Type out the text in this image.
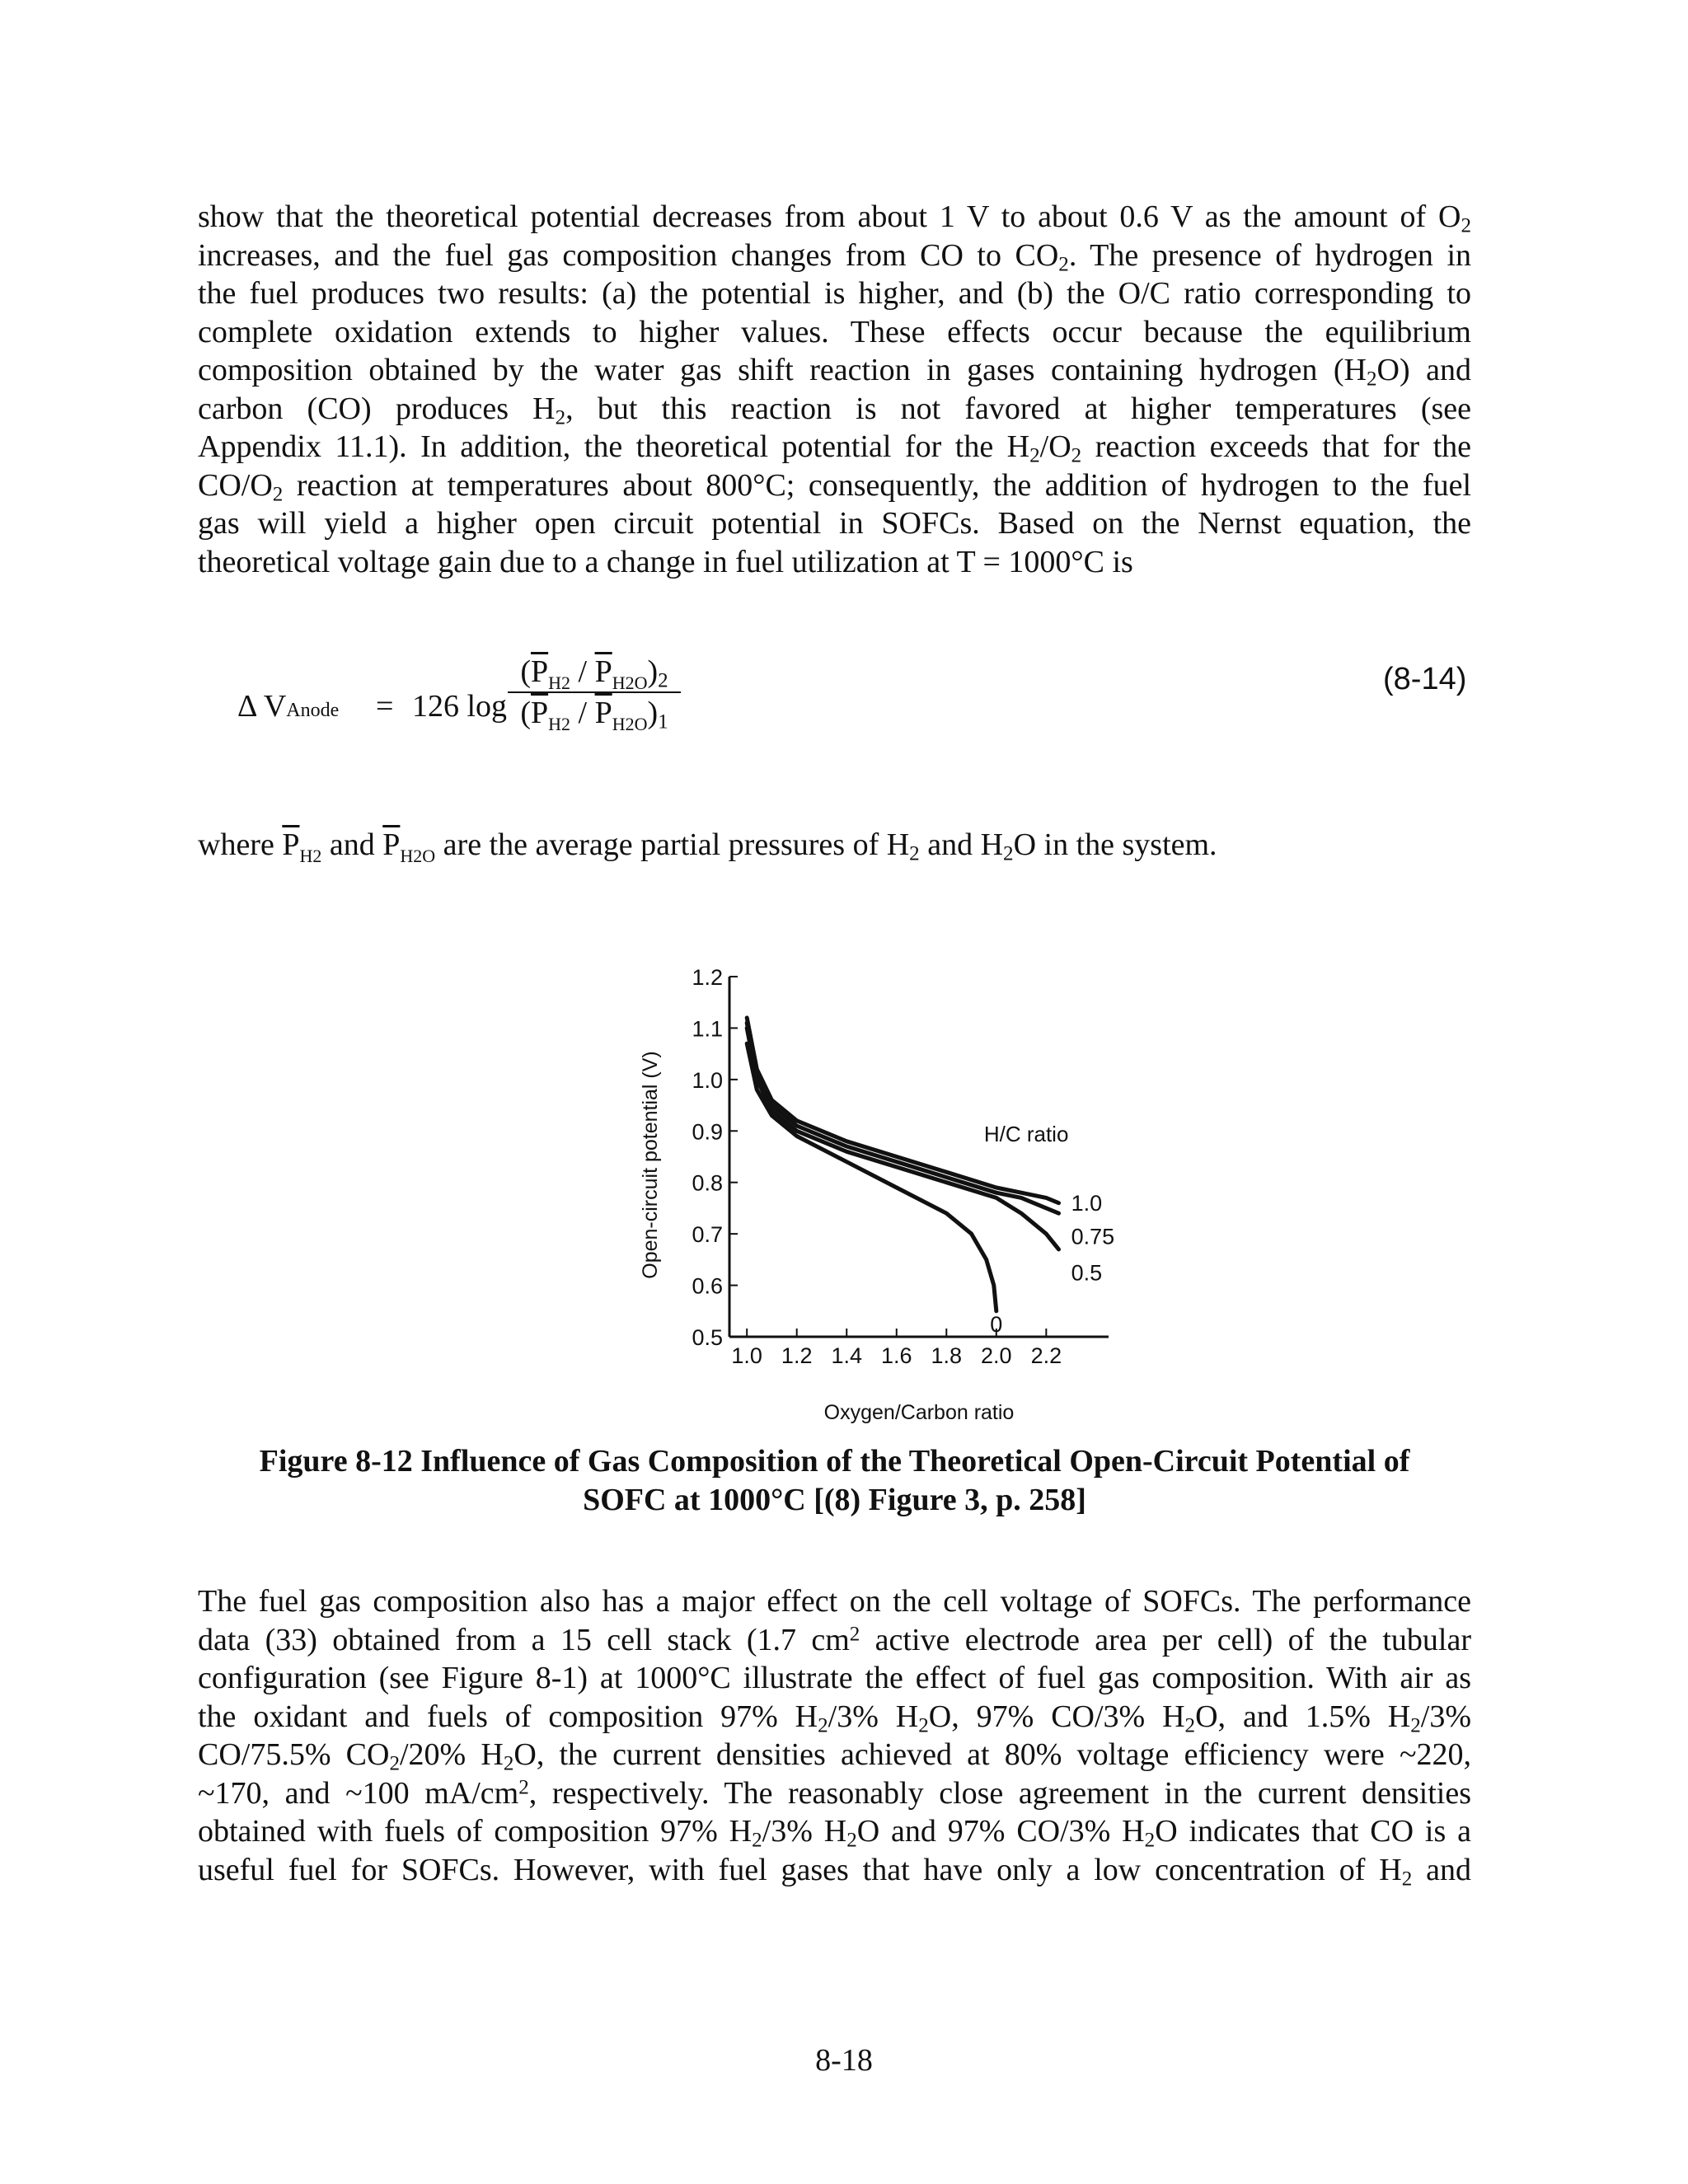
show that the theoretical potential decreases from about 1 V to about 0.6 V as the amount of $O_2$
increases, and the fuel gas composition changes from CO to $CO_2$. The presence of hydrogen in
the fuel produces two results: (a) the potential is higher, and (b) the O/C ratio corresponding to
complete oxidation extends to higher values. These effects occur because the equilibrium
composition obtained by the water gas shift reaction in gases containing hydrogen $(H_2O)$ and
carbon (CO) produces $H_2$, but this reaction is not favored at higher temperatures (see
Appendix 11.1). In addition, the theoretical potential for the $H_2/O_2$ reaction exceeds that for the
$CO/O_2$ reaction at temperatures about 800°C; consequently, the addition of hydrogen to the fuel
gas will yield a higher open circuit potential in SOFCs. Based on the Nernst equation, the
theoretical voltage gain due to a change in fuel utilization at T = 1000°C is
(8-14)
Δ VAnode = 126 log
$(\overline{P}_{H2} / \overline{P}_{H2O})_2$
$(\overline{P}_{H2} / \overline{P}_{H2O})_1$
where $\overline{P}_{H2}$ and $\overline{P}_{H2O}$ are the average partial pressures of $H_2$ and $H_2O$ in the system.
0.5
0.6
0.7
0.8
0.9
1.0
1.1
1.2
1.0 1.2 1.4 1.6 1.8 2.0 2.2
Oxygen/Carbon ratio
Open-circuit potential (V)	H/C ratio
0
0.5
0.75
1.0
Figure 8-12 Influence of Gas Composition of the Theoretical Open-Circuit Potential of
SOFC at 1000°C [(8) Figure 3, p. 258]
The fuel gas composition also has a major effect on the cell voltage of SOFCs. The performance
data (33) obtained from a 15 cell stack (1.7 $cm^2$ active electrode area per cell) of the tubular
configuration (see Figure 8-1) at 1000°C illustrate the effect of fuel gas composition. With air as
the oxidant and fuels of composition 97% $H_2/3\%$ $H_2O$, 97% CO/3% $H_2O$, and 1.5% $H_2/3\%$
CO/75.5% $CO_2/20\%$ $H_2O$, the current densities achieved at 80% voltage efficiency were ~220,
~170, and ~100 $mA/cm^2$, respectively. The reasonably close agreement in the current densities
obtained with fuels of composition 97% $H_2/3\%$ $H_2O$ and 97% CO/3% $H_2O$ indicates that CO is a
useful fuel for SOFCs. However, with fuel gases that have only a low concentration of $H_2$ and
8-18
